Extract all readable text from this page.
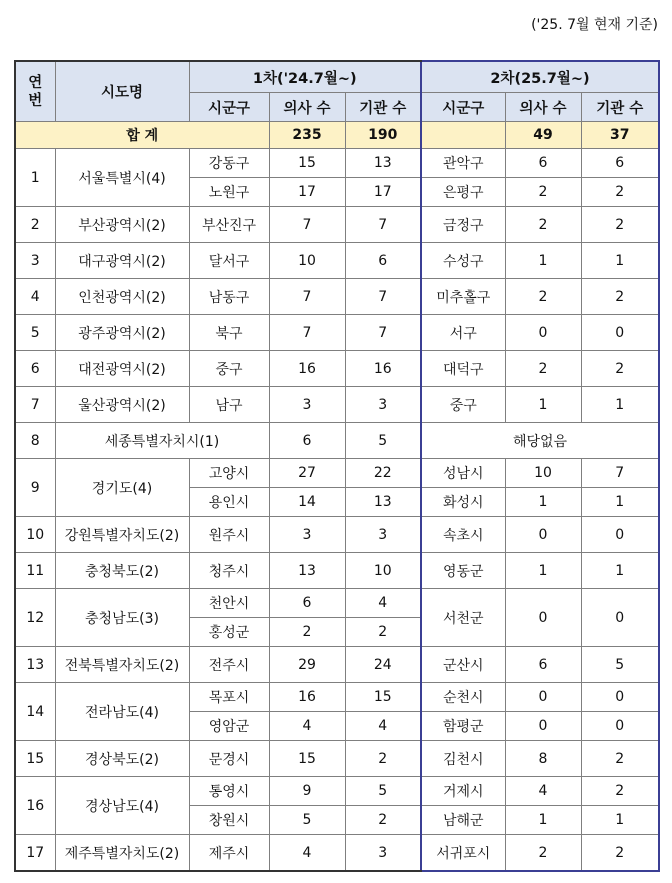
('25. 7월 현재 기준)
연
번	시도명	1차('24.7월~)			2차(25.7월~)		
		시군구	의사 수	기관 수	시군구	의사 수	기관 수
합 계			235	190		49	37
1	서울특별시(4)	강동구	15	13	관악구	6	6
		노원구	17	17	은평구	2	2
2	부산광역시(2)	부산진구	7	7	금정구	2	2
3	대구광역시(2)	달서구	10	6	수성구	1	1
4	인천광역시(2)	남동구	7	7	미추홀구	2	2
5	광주광역시(2)	북구	7	7	서구	0	0
6	대전광역시(2)	중구	16	16	대덕구	2	2
7	울산광역시(2)	남구	3	3	중구	1	1
8	세종특별자치시(1)		6	5	해당없음		
9	경기도(4)	고양시	27	22	성남시	10	7
		용인시	14	13	화성시	1	1
10	강원특별자치도(2)	원주시	3	3	속초시	0	0
11	충청북도(2)	청주시	13	10	영동군	1	1
12	충청남도(3)	천안시	6	4	서천군	0	0
		홍성군	2	2			
13	전북특별자치도(2)	전주시	29	24	군산시	6	5
14	전라남도(4)	목포시	16	15	순천시	0	0
		영암군	4	4	함평군	0	0
15	경상북도(2)	문경시	15	2	김천시	8	2
16	경상남도(4)	통영시	9	5	거제시	4	2
		창원시	5	2	남해군	1	1
17	제주특별자치도(2)	제주시	4	3	서귀포시	2	2
